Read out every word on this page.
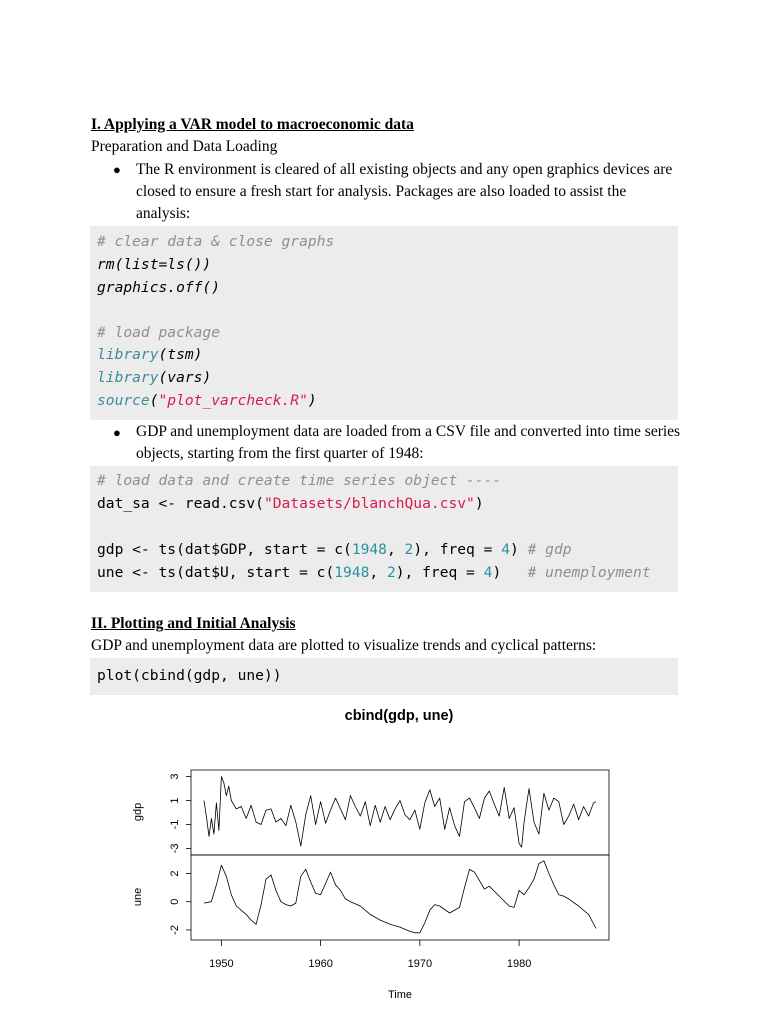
I. Applying a VAR model to macroeconomic data
Preparation and Data Loading
● The R environment is cleared of all existing objects and any open graphics devices are closed to ensure a fresh start for analysis. Packages are also loaded to assist the analysis:
# clear data & close graphs
rm(list=ls())
graphics.off()
# load package
library(tsm)
library(vars)
source("plot_varcheck.R")
● GDP and unemployment data are loaded from a CSV file and converted into time series objects, starting from the first quarter of 1948:
# load data and create time series object ----
dat_sa <- read.csv("Datasets/blanchQua.csv")
gdp <- ts(dat$GDP, start = c(1948, 2), freq = 4) # gdp
une <- ts(dat$U, start = c(1948, 2), freq = 4)   # unemployment
II. Plotting and Initial Analysis
GDP and unemployment data are plotted to visualize trends and cyclical patterns:
plot(cbind(gdp, une))
cbind(gdp, une)
gdp
une
Time
3
1
-1
-3
2
0
-2
1950	1960	1970	1980
